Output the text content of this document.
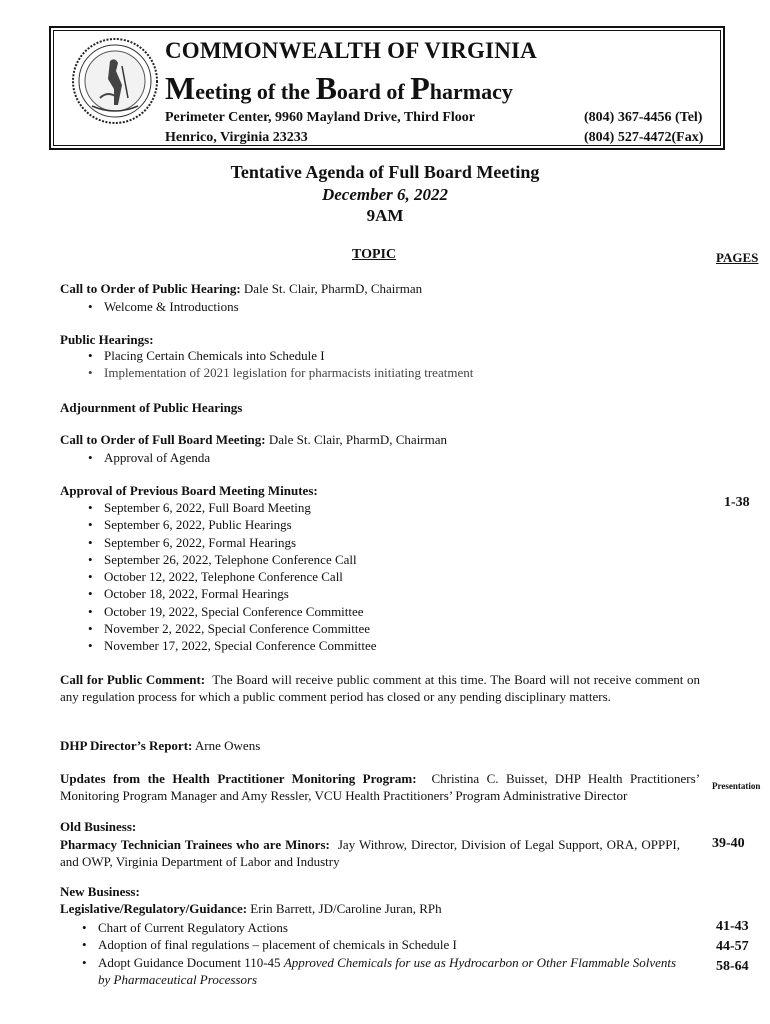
COMMONWEALTH OF VIRGINIA
Meeting of the Board of Pharmacy
Perimeter Center, 9960 Mayland Drive, Third Floor
Henrico, Virginia 23233
(804) 367-4456 (Tel)
(804) 527-4472(Fax)
Tentative Agenda of Full Board Meeting
December 6, 2022
9AM
TOPIC	PAGES
Call to Order of Public Hearing: Dale St. Clair, PharmD, Chairman
• Welcome & Introductions
Public Hearings:
• Placing Certain Chemicals into Schedule I
• Implementation of 2021 legislation for pharmacists initiating treatment
Adjournment of Public Hearings
Call to Order of Full Board Meeting: Dale St. Clair, PharmD, Chairman
• Approval of Agenda
Approval of Previous Board Meeting Minutes:
1-38
• September 6, 2022, Full Board Meeting
• September 6, 2022, Public Hearings
• September 6, 2022, Formal Hearings
• September 26, 2022, Telephone Conference Call
• October 12, 2022, Telephone Conference Call
• October 18, 2022, Formal Hearings
• October 19, 2022, Special Conference Committee
• November 2, 2022, Special Conference Committee
• November 17, 2022, Special Conference Committee
Call for Public Comment: The Board will receive public comment at this time. The Board will not receive comment on any regulation process for which a public comment period has closed or any pending disciplinary matters.
DHP Director’s Report: Arne Owens
Updates from the Health Practitioner Monitoring Program: Christina C. Buisset, DHP Health Practitioners’ Monitoring Program Manager and Amy Ressler, VCU Health Practitioners’ Program Administrative Director
Presentation
Old Business:
Pharmacy Technician Trainees who are Minors: Jay Withrow, Director, Division of Legal Support, ORA, OPPPI, and OWP, Virginia Department of Labor and Industry
39-40
New Business:
Legislative/Regulatory/Guidance: Erin Barrett, JD/Caroline Juran, RPh
• Chart of Current Regulatory Actions
• Adoption of final regulations – placement of chemicals in Schedule I
• Adopt Guidance Document 110-45 Approved Chemicals for use as Hydrocarbon or Other Flammable Solvents by Pharmaceutical Processors
41-43
44-57
58-64
